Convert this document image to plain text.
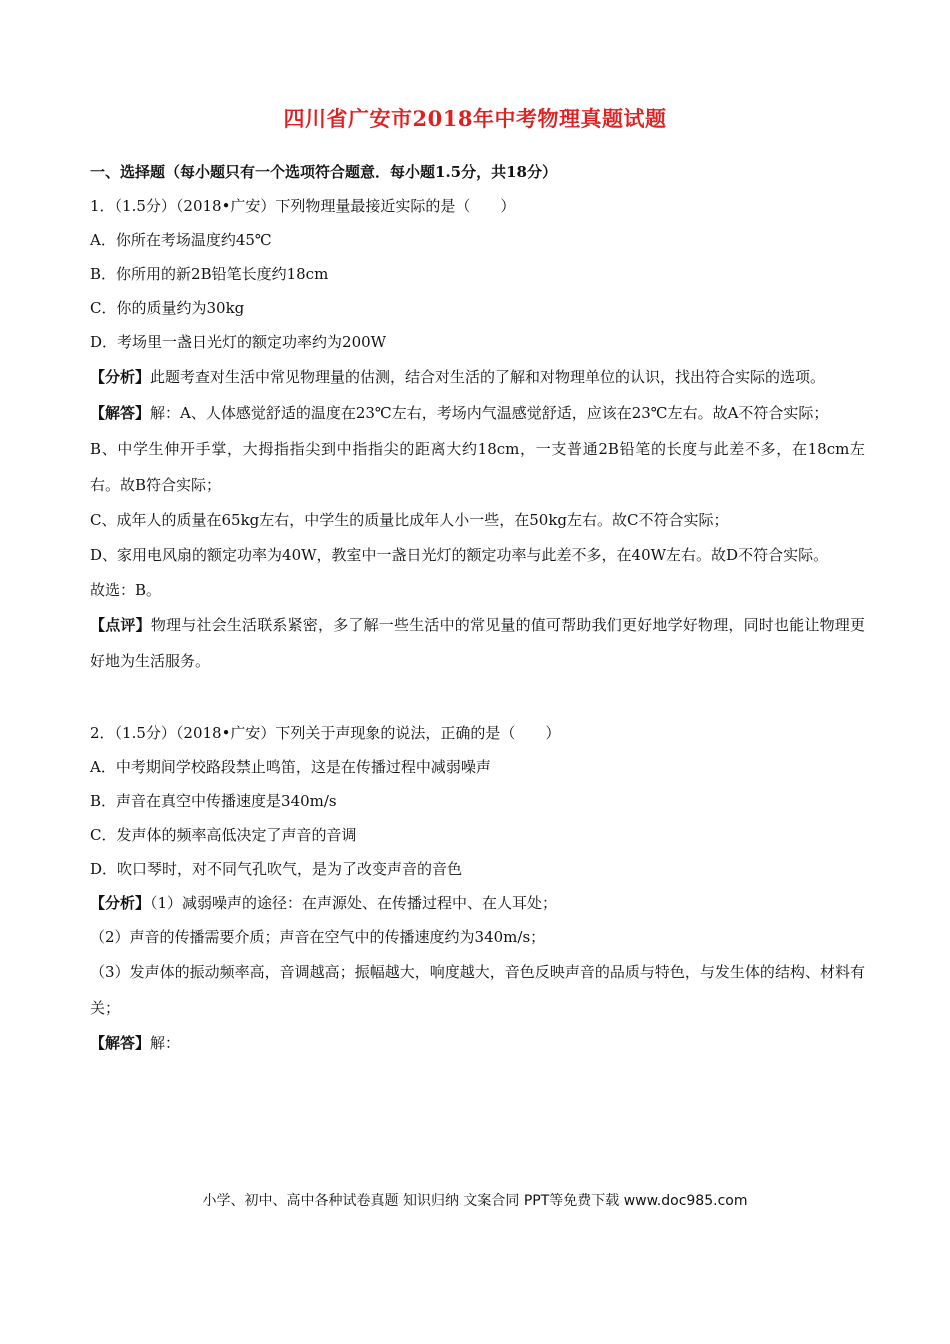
四川省广安市2018年中考物理真题试题
一、选择题（每小题只有一个选项符合题意．每小题1.5分，共18分）
1．（1.5分）（2018•广安）下列物理量最接近实际的是（　　）
A．你所在考场温度约45℃
B．你所用的新2B铅笔长度约18cm
C．你的质量约为30kg
D．考场里一盏日光灯的额定功率约为200W
【分析】此题考查对生活中常见物理量的估测，结合对生活的了解和对物理单位的认识，找出符合实际的选项。
【解答】解：A、人体感觉舒适的温度在23℃左右，考场内气温感觉舒适，应该在23℃左右。故A不符合实际；
B、中学生伸开手掌，大拇指指尖到中指指尖的距离大约18cm，一支普通2B铅笔的长度与此差不多，在18cm左右。故B符合实际；
C、成年人的质量在65kg左右，中学生的质量比成年人小一些，在50kg左右。故C不符合实际；
D、家用电风扇的额定功率为40W，教室中一盏日光灯的额定功率与此差不多，在40W左右。故D不符合实际。
故选：B。
【点评】物理与社会生活联系紧密，多了解一些生活中的常见量的值可帮助我们更好地学好物理，同时也能让物理更好地为生活服务。
2．（1.5分）（2018•广安）下列关于声现象的说法，正确的是（　　）
A．中考期间学校路段禁止鸣笛，这是在传播过程中减弱噪声
B．声音在真空中传播速度是340m/s
C．发声体的频率高低决定了声音的音调
D．吹口琴时，对不同气孔吹气，是为了改变声音的音色
【分析】（1）减弱噪声的途径：在声源处、在传播过程中、在人耳处；
（2）声音的传播需要介质；声音在空气中的传播速度约为340m/s；
（3）发声体的振动频率高，音调越高；振幅越大，响度越大，音色反映声音的品质与特色，与发生体的结构、材料有关；
【解答】解：
小学、初中、高中各种试卷真题 知识归纳 文案合同 PPT等免费下载 www.doc985.com
